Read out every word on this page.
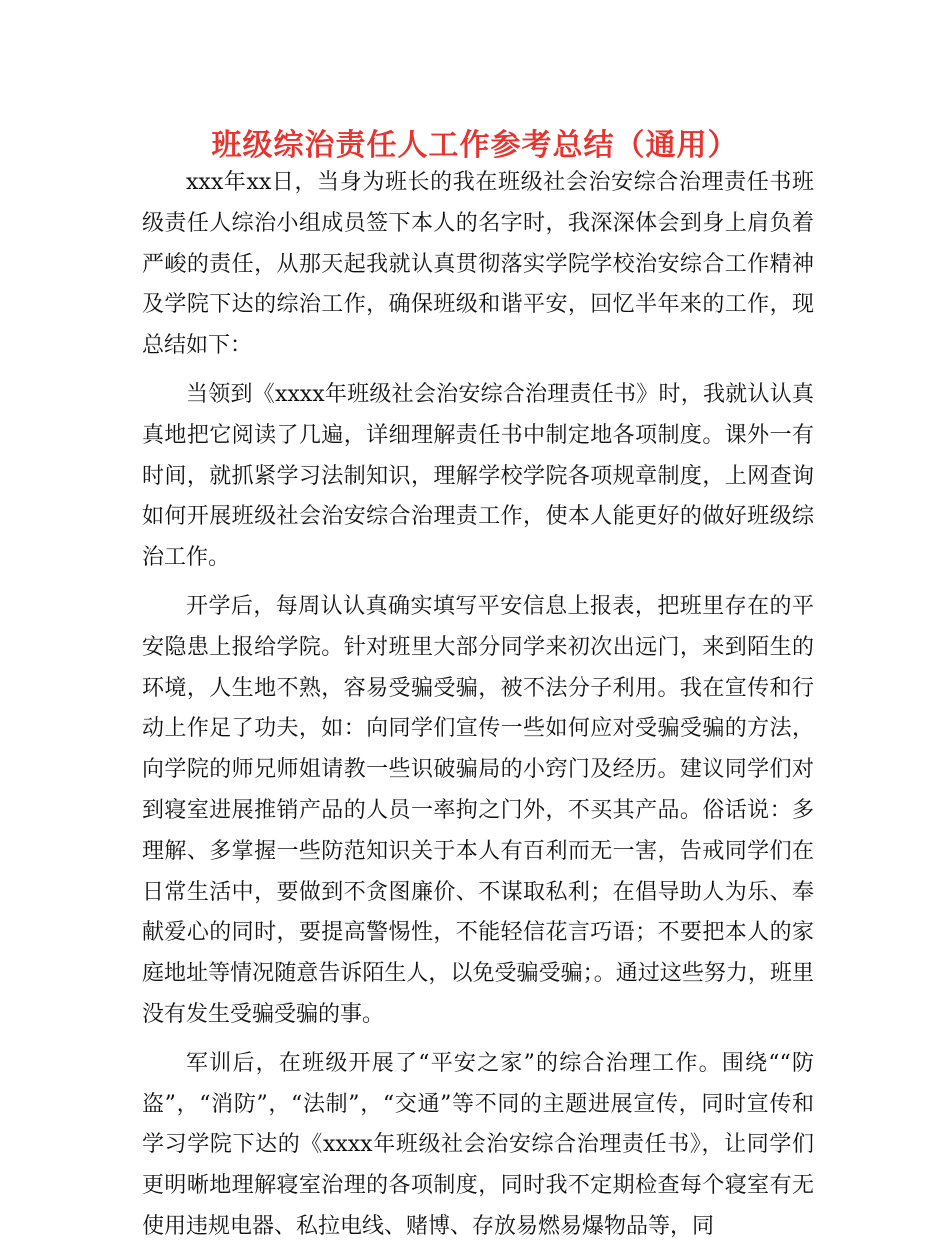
班级综治责任人工作参考总结（通用）

xxx年xx日，当身为班长的我在班级社会治安综合治理责任书班级责任人综治小组成员签下本人的名字时，我深深体会到身上肩负着严峻的责任，从那天起我就认真贯彻落实学院学校治安综合工作精神及学院下达的综治工作，确保班级和谐平安，回忆半年来的工作，现总结如下：

当领到《xxxx年班级社会治安综合治理责任书》时，我就认认真真地把它阅读了几遍，详细理解责任书中制定地各项制度。课外一有时间，就抓紧学习法制知识，理解学校学院各项规章制度，上网查询如何开展班级社会治安综合治理责工作，使本人能更好的做好班级综治工作。

开学后，每周认认真确实填写平安信息上报表，把班里存在的平安隐患上报给学院。针对班里大部分同学来初次出远门，来到陌生的环境，人生地不熟，容易受骗受骗，被不法分子利用。我在宣传和行动上作足了功夫，如：向同学们宣传一些如何应对受骗受骗的方法，向学院的师兄师姐请教一些识破骗局的小窍门及经历。建议同学们对到寝室进展推销产品的人员一率拘之门外，不买其产品。俗话说：多理解、多掌握一些防范知识关于本人有百利而无一害，告戒同学们在日常生活中，要做到不贪图廉价、不谋取私利；在倡导助人为乐、奉献爱心的同时，要提高警惕性，不能轻信花言巧语；不要把本人的家庭地址等情况随意告诉陌生人，以免受骗受骗；。通过这些努力，班里没有发生受骗受骗的事。

军训后，在班级开展了“平安之家”的综合治理工作。围绕““防盗”，“消防”，“法制”，“交通”等不同的主题进展宣传，同时宣传和学习学院下达的《xxxx年班级社会治安综合治理责任书》，让同学们更明晰地理解寝室治理的各项制度，同时我不定期检查每个寝室有无使用违规电器、私拉电线、赌博、存放易燃易爆物品等，同
